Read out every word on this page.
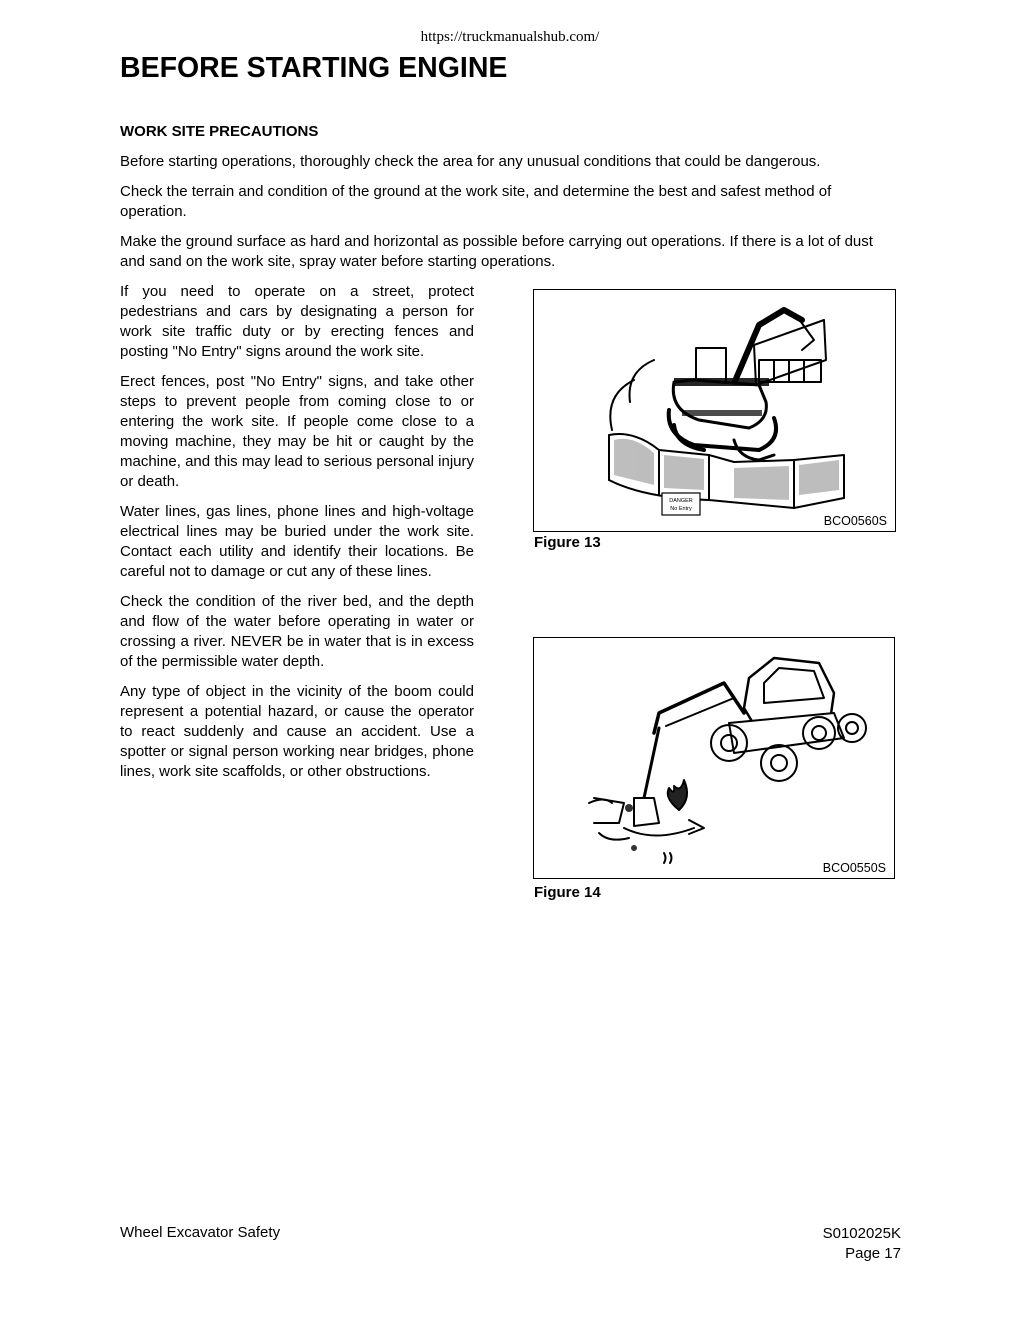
https://truckmanualshub.com/
BEFORE STARTING ENGINE
WORK SITE PRECAUTIONS

Before starting operations, thoroughly check the area for any unusual conditions that could be dangerous.

Check the terrain and condition of the ground at the work site, and determine the best and safest method of operation.

Make the ground surface as hard and horizontal as possible before carrying out operations. If there is a lot of dust and sand on the work site, spray water before starting operations.

If you need to operate on a street, protect pedestrians and cars by designating a person for work site traffic duty or by erecting fences and posting "No Entry" signs around the work site.

Erect fences, post "No Entry" signs, and take other steps to prevent people from coming close to or entering the work site. If people come close to a moving machine, they may be hit or caught by the machine, and this may lead to serious personal injury or death.

Water lines, gas lines, phone lines and high-voltage electrical lines may be buried under the work site. Contact each utility and identify their locations. Be careful not to damage or cut any of these lines.

Check the condition of the river bed, and the depth and flow of the water before operating in water or crossing a river. NEVER be in water that is in excess of the permissible water depth.

Any type of object in the vicinity of the boom could represent a potential hazard, or cause the operator to react suddenly and cause an accident. Use a spotter or signal person working near bridges, phone lines, work site scaffolds, or other obstructions.

DANGER
No Entry
BCO0560S
Figure 13
BCO0550S
Figure 14
Wheel Excavator Safety	S0102025K
Page 17
